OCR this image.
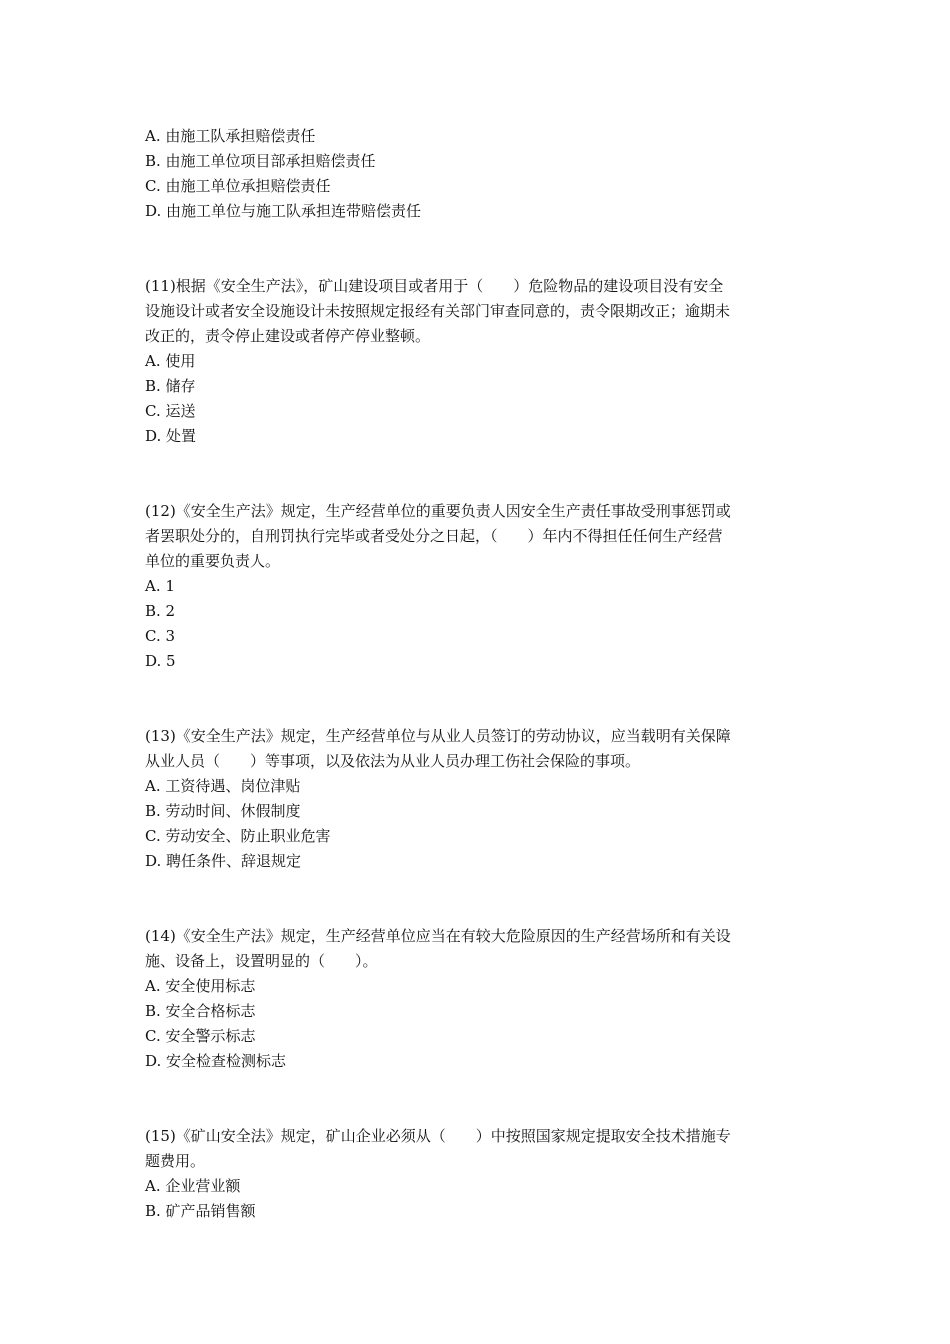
A. 由施工队承担赔偿责任
B. 由施工单位项目部承担赔偿责任
C. 由施工单位承担赔偿责任
D. 由施工单位与施工队承担连带赔偿责任
(11)根据《安全生产法》，矿山建设项目或者用于（　　）危险物品的建设项目没有安全
设施设计或者安全设施设计未按照规定报经有关部门审查同意的，责令限期改正；逾期未
改正的，责令停止建设或者停产停业整顿。
A. 使用
B. 储存
C. 运送
D. 处置
(12)《安全生产法》规定，生产经营单位的重要负责人因安全生产责任事故受刑事惩罚或
者罢职处分的，自刑罚执行完毕或者受处分之日起，（　　）年内不得担任任何生产经营
单位的重要负责人。
A. 1
B. 2
C. 3
D. 5
(13)《安全生产法》规定，生产经营单位与从业人员签订的劳动协议，应当载明有关保障
从业人员（　　）等事项，以及依法为从业人员办理工伤社会保险的事项。
A. 工资待遇、岗位津贴
B. 劳动时间、休假制度
C. 劳动安全、防止职业危害
D. 聘任条件、辞退规定
(14)《安全生产法》规定，生产经营单位应当在有较大危险原因的生产经营场所和有关设
施、设备上，设置明显的（　　）。
A. 安全使用标志
B. 安全合格标志
C. 安全警示标志
D. 安全检查检测标志
(15)《矿山安全法》规定，矿山企业必须从（　　）中按照国家规定提取安全技术措施专
题费用。
A. 企业营业额
B. 矿产品销售额
